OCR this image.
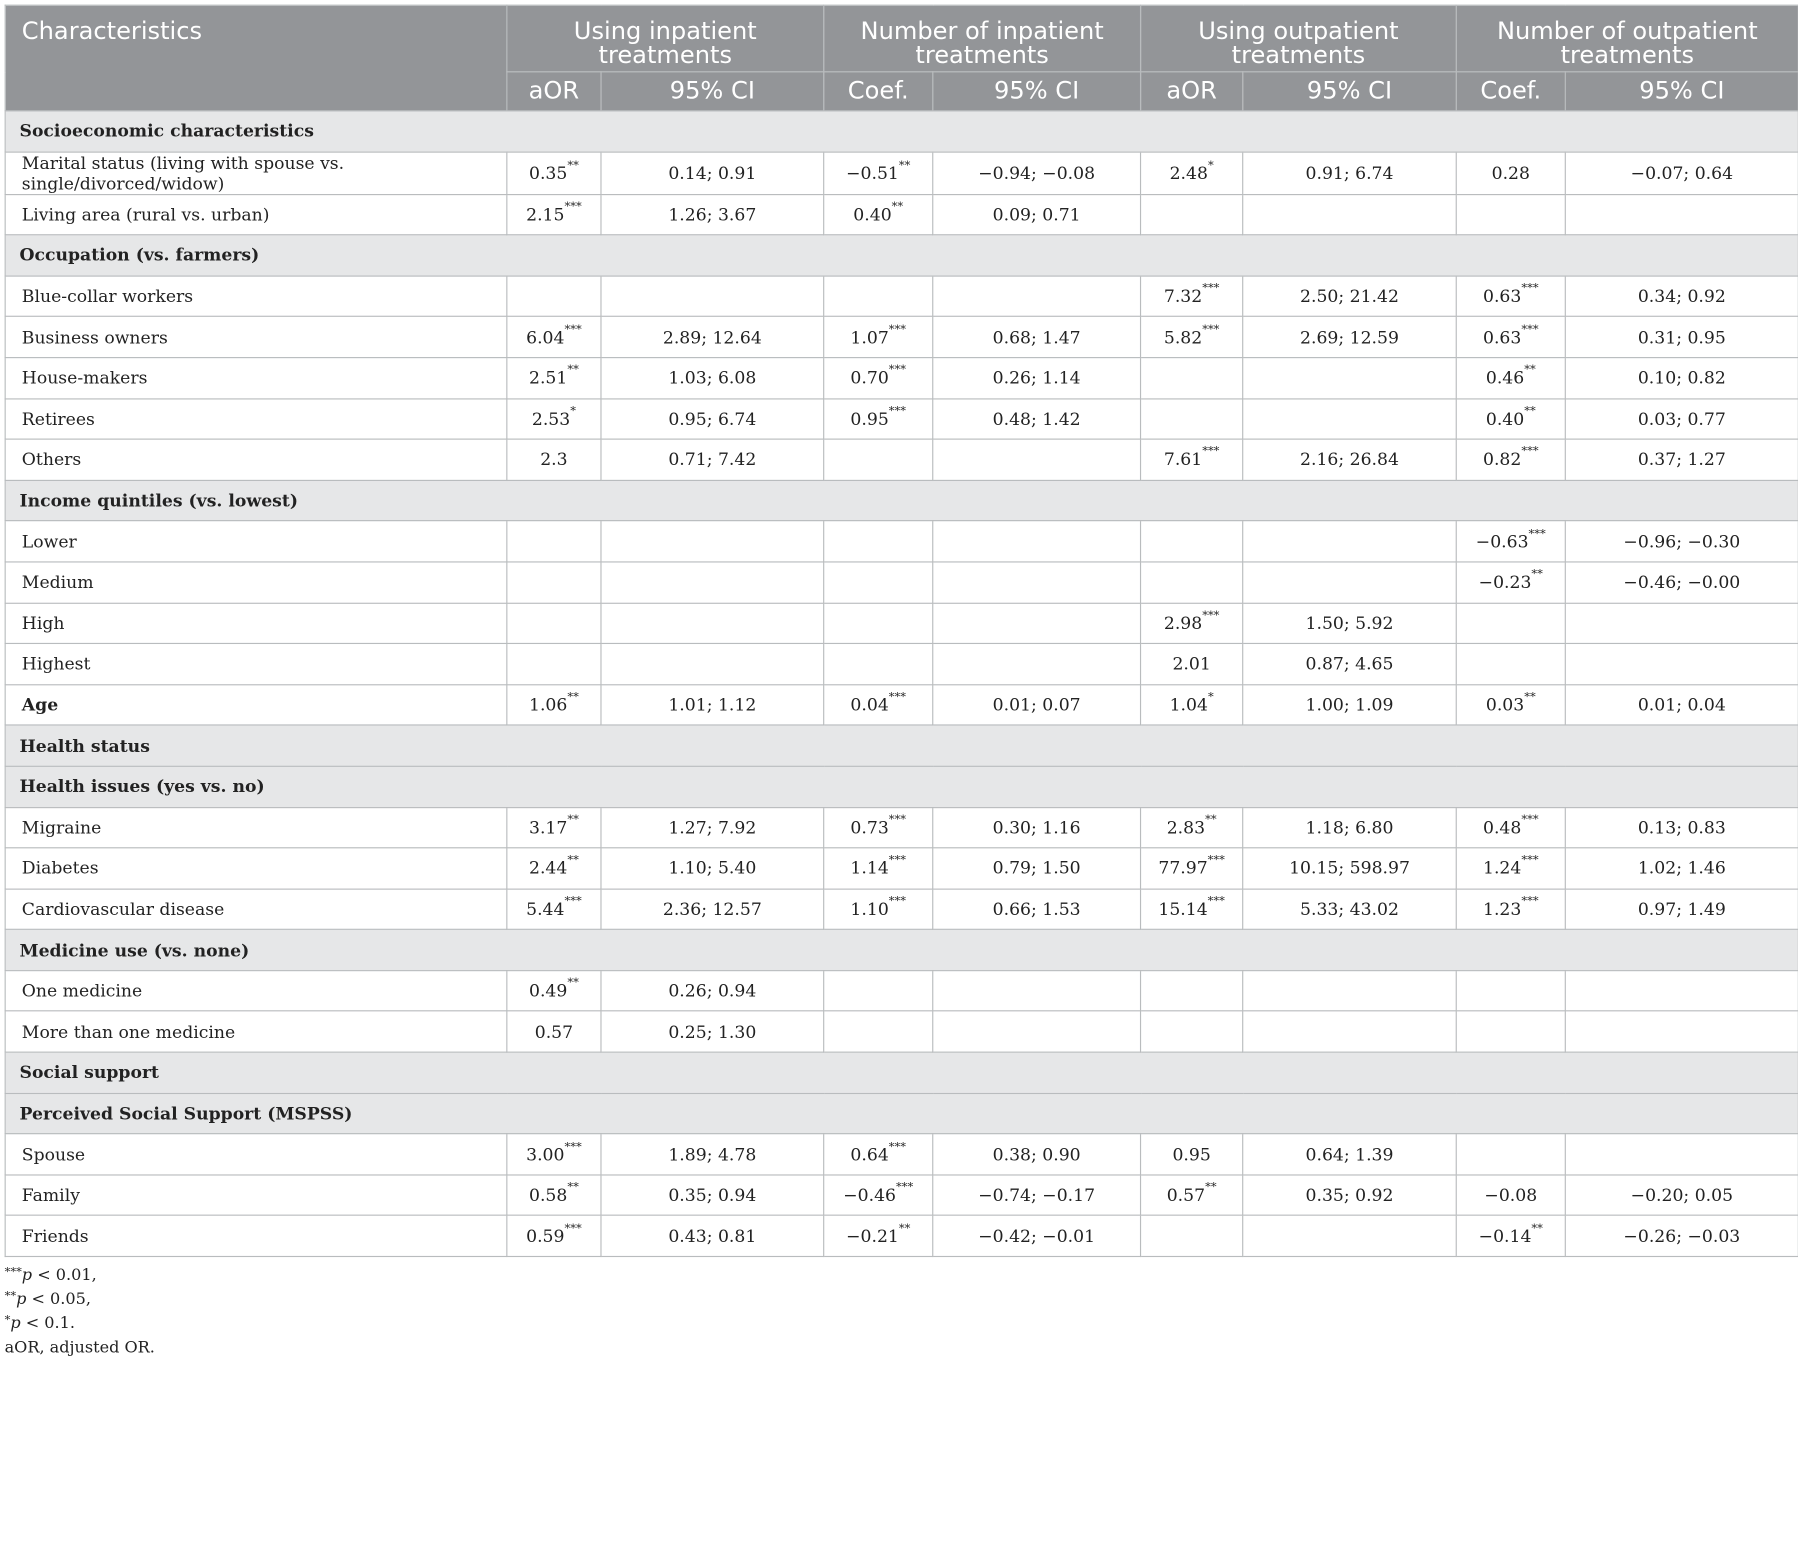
Characteristics	Using inpatient treatments		Number of inpatient treatments		Using outpatient treatments		Number of outpatient treatments	
	aOR	95% CI	Coef.	95% CI	aOR	95% CI	Coef.	95% CI
Socioeconomic characteristics								
Marital status (living with spouse vs. single/divorced/widow)	0.35**	0.14; 0.91	−0.51**	−0.94; −0.08	2.48*	0.91; 6.74	0.28	−0.07; 0.64
Living area (rural vs. urban)	2.15***	1.26; 3.67	0.40**	0.09; 0.71				
Occupation (vs. farmers)								
Blue-collar workers					7.32***	2.50; 21.42	0.63***	0.34; 0.92
Business owners	6.04***	2.89; 12.64	1.07***	0.68; 1.47	5.82***	2.69; 12.59	0.63***	0.31; 0.95
House-makers	2.51**	1.03; 6.08	0.70***	0.26; 1.14			0.46**	0.10; 0.82
Retirees	2.53*	0.95; 6.74	0.95***	0.48; 1.42			0.40**	0.03; 0.77
Others	2.3	0.71; 7.42			7.61***	2.16; 26.84	0.82***	0.37; 1.27
Income quintiles (vs. lowest)								
Lower							−0.63***	−0.96; −0.30
Medium							−0.23**	−0.46; −0.00
High					2.98***	1.50; 5.92		
Highest					2.01	0.87; 4.65		
Age	1.06**	1.01; 1.12	0.04***	0.01; 0.07	1.04*	1.00; 1.09	0.03**	0.01; 0.04
Health status								
Health issues (yes vs. no)								
Migraine	3.17**	1.27; 7.92	0.73***	0.30; 1.16	2.83**	1.18; 6.80	0.48***	0.13; 0.83
Diabetes	2.44**	1.10; 5.40	1.14***	0.79; 1.50	77.97***	10.15; 598.97	1.24***	1.02; 1.46
Cardiovascular disease	5.44***	2.36; 12.57	1.10***	0.66; 1.53	15.14***	5.33; 43.02	1.23***	0.97; 1.49
Medicine use (vs. none)								
One medicine	0.49**	0.26; 0.94						
More than one medicine	0.57	0.25; 1.30						
Social support								
Perceived Social Support (MSPSS)								
Spouse	3.00***	1.89; 4.78	0.64***	0.38; 0.90	0.95	0.64; 1.39		
Family	0.58**	0.35; 0.94	−0.46***	−0.74; −0.17	0.57**	0.35; 0.92	−0.08	−0.20; 0.05
Friends	0.59***	0.43; 0.81	−0.21**	−0.42; −0.01			−0.14**	−0.26; −0.03
***p < 0.01,
**p < 0.05,
*p < 0.1.
aOR, adjusted OR.
